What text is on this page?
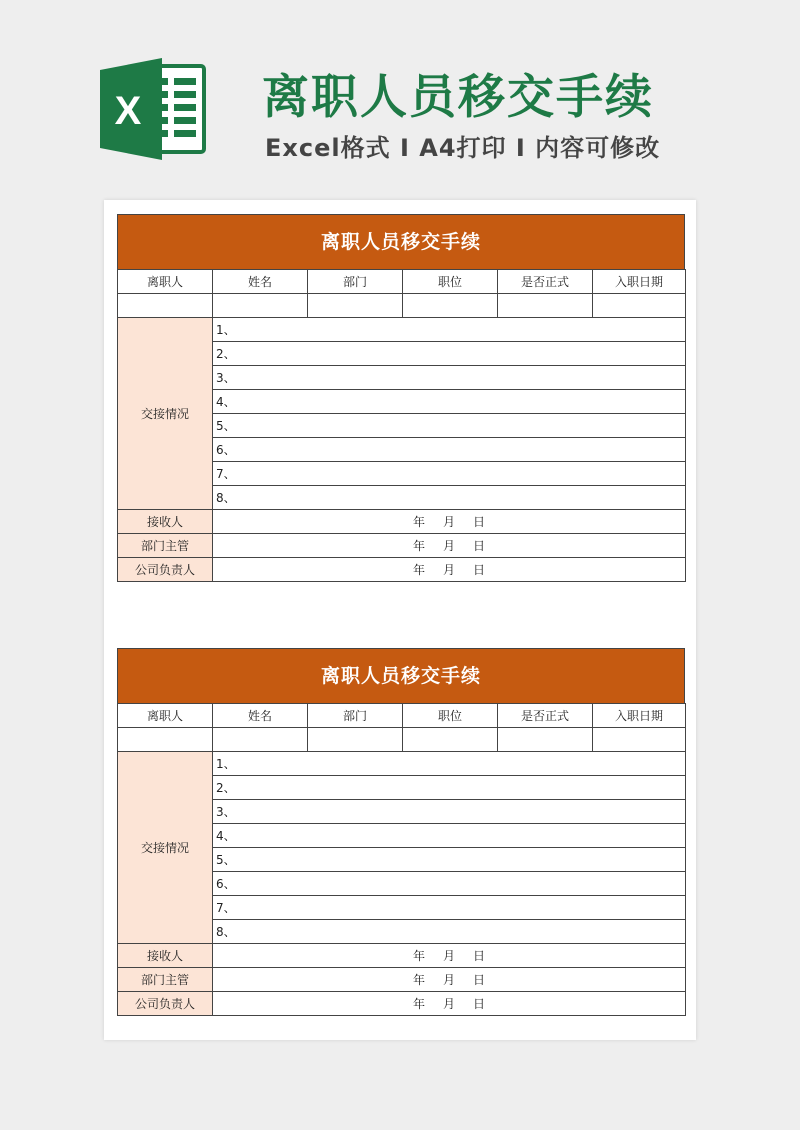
X	离职人员移交手续
Excel格式 I A4打印 I 内容可修改
离职人员移交手续
离职人	姓名	部门	职位	是否正式	入职日期

交接情况	1、				
	2、				
	3、				
	4、				
	5、				
	6、				
	7、				
	8、				
接收人	年 月 日				
部门主管	年 月 日				
公司负责人	年 月 日				
离职人员移交手续
离职人	姓名	部门	职位	是否正式	入职日期

交接情况	1、				
	2、				
	3、				
	4、				
	5、				
	6、				
	7、				
	8、				
接收人	年 月 日				
部门主管	年 月 日				
公司负责人	年 月 日				
